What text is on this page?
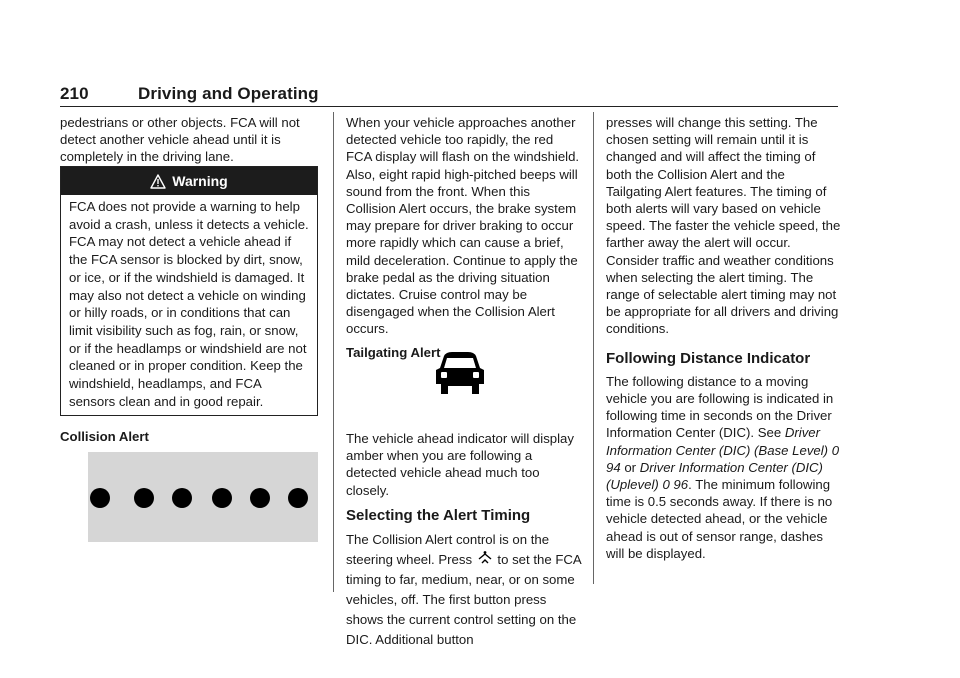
210	Driving and Operating

pedestrians or other objects. FCA will not detect another vehicle ahead until it is completely in the driving lane.

Warning
FCA does not provide a warning to help avoid a crash, unless it detects a vehicle. FCA may not detect a vehicle ahead if the FCA sensor is blocked by dirt, snow, or ice, or if the windshield is damaged. It may also not detect a vehicle on winding or hilly roads, or in conditions that can limit visibility such as fog, rain, or snow, or if the headlamps or windshield are not cleaned or in proper condition. Keep the windshield, headlamps, and FCA sensors clean and in good repair.
Collision Alert

When your vehicle approaches another detected vehicle too rapidly, the red FCA display will flash on the windshield. Also, eight rapid high-pitched beeps will sound from the front. When this Collision Alert occurs, the brake system may prepare for driver braking to occur more rapidly which can cause a brief, mild deceleration. Continue to apply the brake pedal as the driving situation dictates. Cruise control may be disengaged when the Collision Alert occurs.

Tailgating Alert

The vehicle ahead indicator will display amber when you are following a detected vehicle ahead much too closely.

Selecting the Alert Timing

The Collision Alert control is on the steering wheel. Press to set the FCA timing to far, medium, near, or on some vehicles, off. The first button press shows the current control setting on the DIC. Additional button

presses will change this setting. The chosen setting will remain until it is changed and will affect the timing of both the Collision Alert and the Tailgating Alert features. The timing of both alerts will vary based on vehicle speed. The faster the vehicle speed, the farther away the alert will occur. Consider traffic and weather conditions when selecting the alert timing. The range of selectable alert timing may not be appropriate for all drivers and driving conditions.

Following Distance Indicator

The following distance to a moving vehicle you are following is indicated in following time in seconds on the Driver Information Center (DIC). See Driver Information Center (DIC) (Base Level) 0 94 or Driver Information Center (DIC) (Uplevel) 0 96. The minimum following time is 0.5 seconds away. If there is no vehicle detected ahead, or the vehicle ahead is out of sensor range, dashes will be displayed.
